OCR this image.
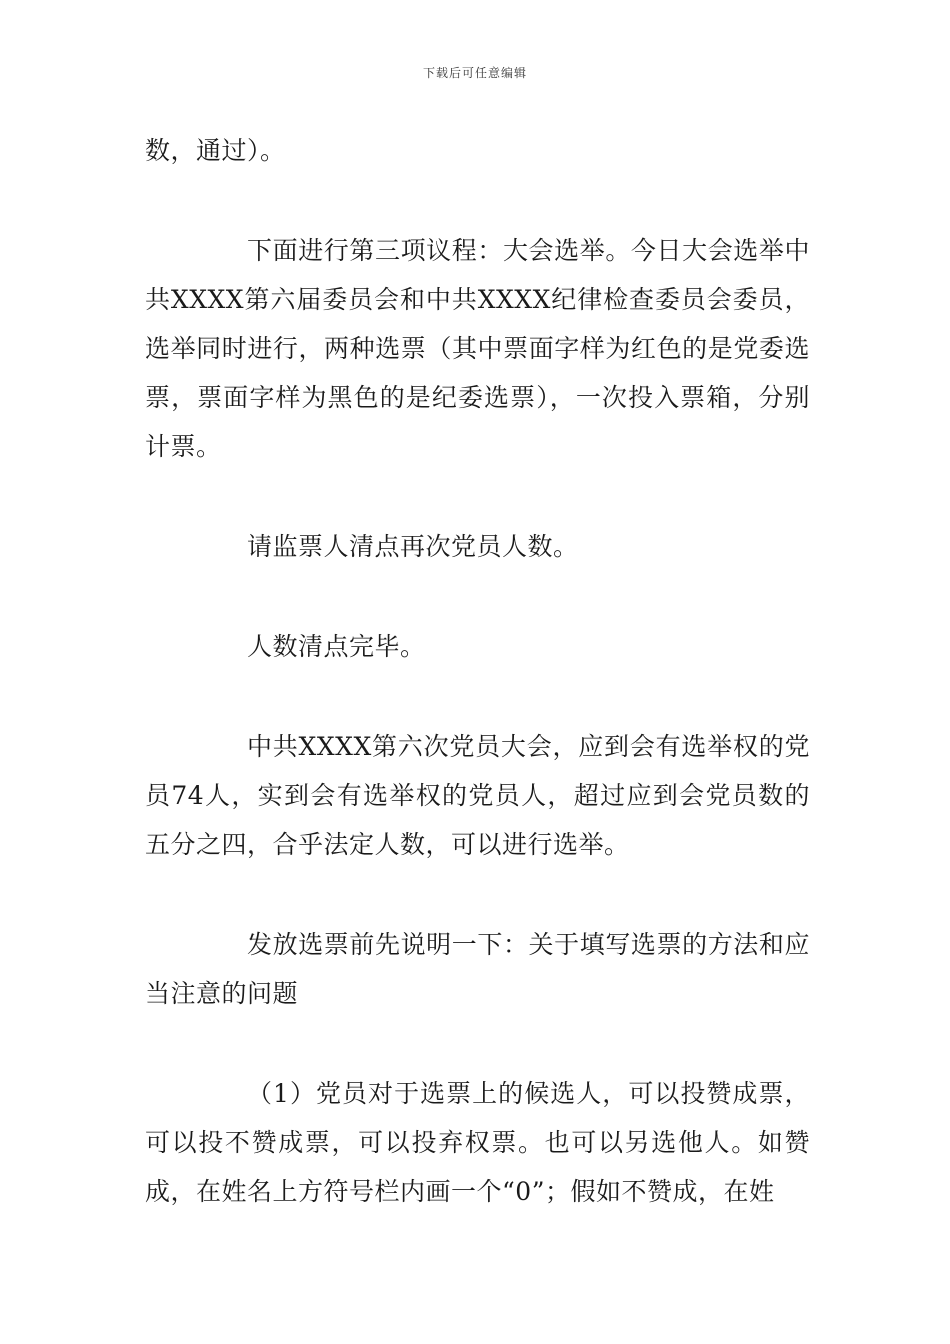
下载后可任意编辑

数，通过）。

下面进行第三项议程：大会选举。今日大会选举中共XXXX第六届委员会和中共XXXX纪律检查委员会委员，选举同时进行，两种选票（其中票面字样为红色的是党委选票，票面字样为黑色的是纪委选票），一次投入票箱，分别计票。

请监票人清点再次党员人数。

人数清点完毕。

中共XXXX第六次党员大会，应到会有选举权的党员74人，实到会有选举权的党员人，超过应到会党员数的五分之四，合乎法定人数，可以进行选举。

发放选票前先说明一下：关于填写选票的方法和应当注意的问题

（1）党员对于选票上的候选人，可以投赞成票，可以投不赞成票，可以投弃权票。也可以另选他人。如赞成，在姓名上方符号栏内画一个“0”；假如不赞成，在姓
